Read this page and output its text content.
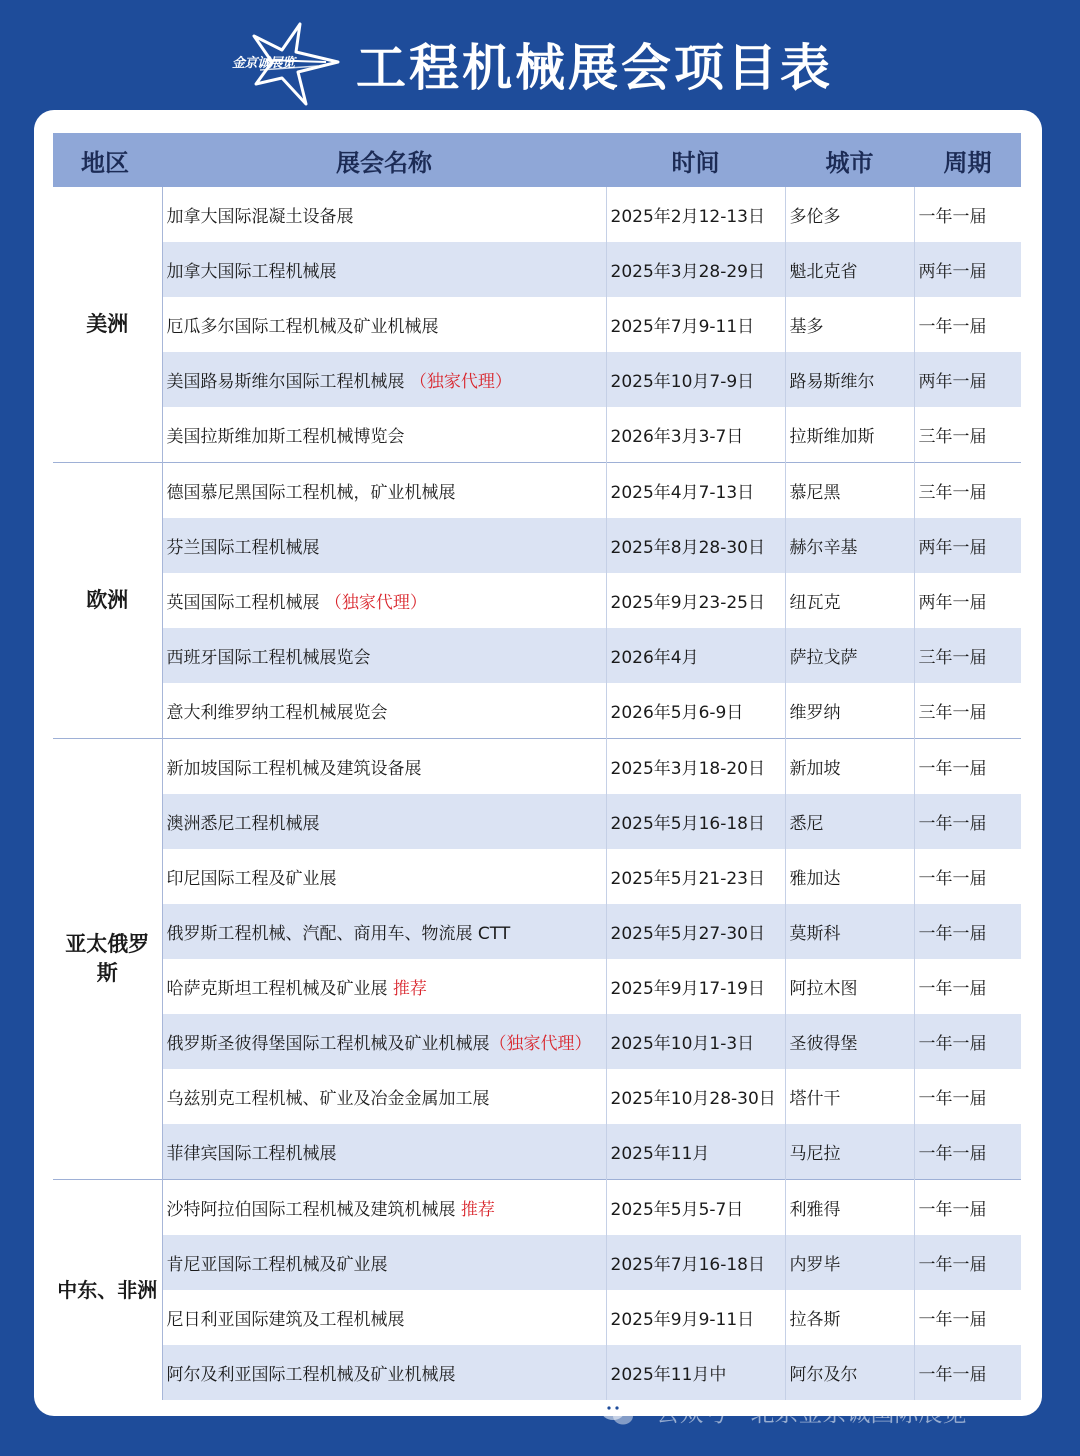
金京诚展览 工程机械展会项目表
地区	展会名称	时间	城市	周期
美洲	加拿大国际混凝土设备展	2025年2月12-13日	多伦多	一年一届
	加拿大国际工程机械展	2025年3月28-29日	魁北克省	两年一届
	厄瓜多尔国际工程机械及矿业机械展	2025年7月9-11日	基多	一年一届
	美国路易斯维尔国际工程机械展 （独家代理）	2025年10月7-9日	路易斯维尔	两年一届
	美国拉斯维加斯工程机械博览会	2026年3月3-7日	拉斯维加斯	三年一届
欧洲	德国慕尼黑国际工程机械，矿业机械展	2025年4月7-13日	慕尼黑	三年一届
	芬兰国际工程机械展	2025年8月28-30日	赫尔辛基	两年一届
	英国国际工程机械展 （独家代理）	2025年9月23-25日	纽瓦克	两年一届
	西班牙国际工程机械展览会	2026年4月	萨拉戈萨	三年一届
	意大利维罗纳工程机械展览会	2026年5月6-9日	维罗纳	三年一届
亚太俄罗斯	新加坡国际工程机械及建筑设备展	2025年3月18-20日	新加坡	一年一届
	澳洲悉尼工程机械展	2025年5月16-18日	悉尼	一年一届
	印尼国际工程及矿业展	2025年5月21-23日	雅加达	一年一届
	俄罗斯工程机械、汽配、商用车、物流展 CTT	2025年5月27-30日	莫斯科	一年一届
	哈萨克斯坦工程机械及矿业展 推荐	2025年9月17-19日	阿拉木图	一年一届
	俄罗斯圣彼得堡国际工程机械及矿业机械展（独家代理）	2025年10月1-3日	圣彼得堡	一年一届
	乌兹别克工程机械、矿业及冶金金属加工展	2025年10月28-30日	塔什干	一年一届
	菲律宾国际工程机械展	2025年11月	马尼拉	一年一届
中东、非洲	沙特阿拉伯国际工程机械及建筑机械展 推荐	2025年5月5-7日	利雅得	一年一届
	肯尼亚国际工程机械及矿业展	2025年7月16-18日	内罗毕	一年一届
	尼日利亚国际建筑及工程机械展	2025年9月9-11日	拉各斯	一年一届
	阿尔及利亚国际工程机械及矿业机械展	2025年11月中	阿尔及尔	一年一届
公众号 · 北京金京诚国际展览
